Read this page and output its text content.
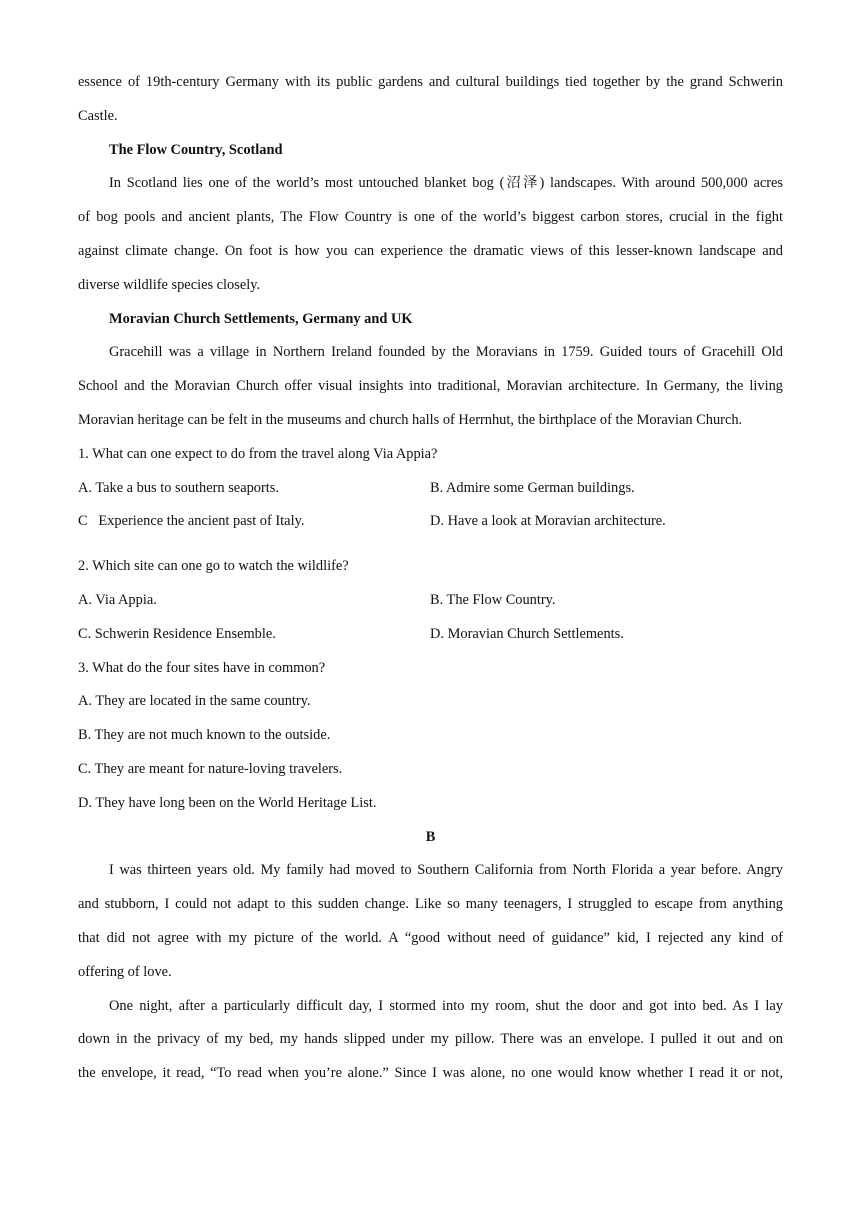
essence of 19th-century Germany with its public gardens and cultural buildings tied together by the grand Schwerin

Castle.

The Flow Country, Scotland

In Scotland lies one of the world’s most untouched blanket bog (沼泽) landscapes. With around 500,000 acres

of bog pools and ancient plants, The Flow Country is one of the world’s biggest carbon stores, crucial in the fight

against climate change. On foot is how you can experience the dramatic views of this lesser-known landscape and

diverse wildlife species closely.

Moravian Church Settlements, Germany and UK

Gracehill was a village in Northern Ireland founded by the Moravians in 1759. Guided tours of Gracehill Old

School and the Moravian Church offer visual insights into traditional, Moravian architecture. In Germany, the living

Moravian heritage can be felt in the museums and church halls of Herrnhut, the birthplace of the Moravian Church.

1. What can one expect to do from the travel along Via Appia?

A. Take a bus to southern seaports.	B. Admire some German buildings.
C   Experience the ancient past of Italy.	D. Have a look at Moravian architecture.

2. Which site can one go to watch the wildlife?

A. Via Appia.	B. The Flow Country.
C. Schwerin Residence Ensemble.	D. Moravian Church Settlements.

3. What do the four sites have in common?

A. They are located in the same country.

B. They are not much known to the outside.

C. They are meant for nature-loving travelers.

D. They have long been on the World Heritage List.

B

I was thirteen years old. My family had moved to Southern California from North Florida a year before. Angry

and stubborn, I could not adapt to this sudden change. Like so many teenagers, I struggled to escape from anything

that did not agree with my picture of the world. A “good without need of guidance” kid, I rejected any kind of

offering of love.

One night, after a particularly difficult day, I stormed into my room, shut the door and got into bed. As I lay

down in the privacy of my bed, my hands slipped under my pillow. There was an envelope. I pulled it out and on

the envelope, it read, “To read when you’re alone.” Since I was alone, no one would know whether I read it or not,
